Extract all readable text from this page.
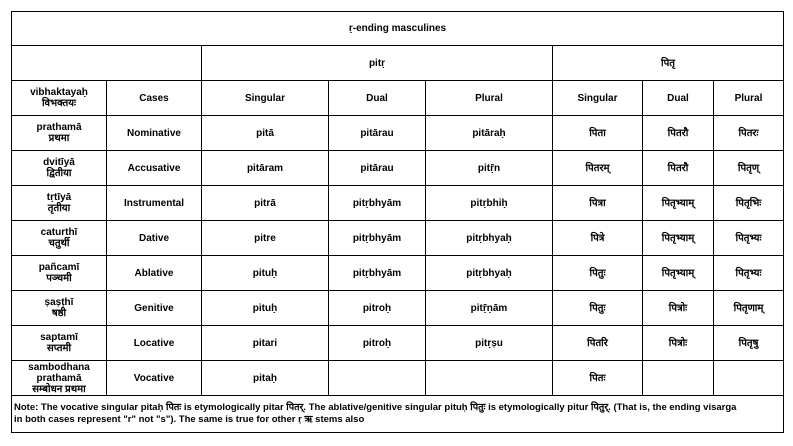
ṛ-ending masculines							
		pitṛ			पितृ		

vibhaktayaḥ
विभक्तयः	Cases	Singular	Dual	Plural	Singular	Dual	Plural

prathamā
प्रथमा	Nominative	pitā	pitārau	pitāraḥ	पिता	पितरौ	पितरः

dvitīyā
द्वितीया	Accusative	pitāram	pitārau	pitṝn	पितरम्	पितरौ	पितृण्

tṛtīyā
तृतीया	Instrumental	pitrā	pitṛbhyām	pitṛbhiḥ	पित्रा	पितृभ्याम्	पितृभिः

caturthī
चतुर्थी	Dative	pitre	pitṛbhyām	pitṛbhyaḥ	पित्रे	पितृभ्याम्	पितृभ्यः

pañcamī
पञ्चमी	Ablative	pituḥ	pitṛbhyām	pitṛbhyaḥ	पितुः	पितृभ्याम्	पितृभ्यः

ṣaṣṭhī
षष्ठी	Genitive	pituḥ	pitroḥ	pitṝṇām	पितुः	पित्रोः	पितृणाम्

saptamī
सप्तमी	Locative	pitari	pitroḥ	pitṛṣu	पितरि	पित्रोः	पितृषु

sambodhana
prathamā
सम्बोधन प्रथमा	Vocative	pitaḥ			पितः		

Note: The vocative singular pitaḥ पितः is etymologically pitar पितर्. The ablative/genitive singular pituḥ पितुः is etymologically pitur पितुर्. (That is, the ending visarga
in both cases represent "r" not "s"). The same is true for other ṛ ऋ stems also							
